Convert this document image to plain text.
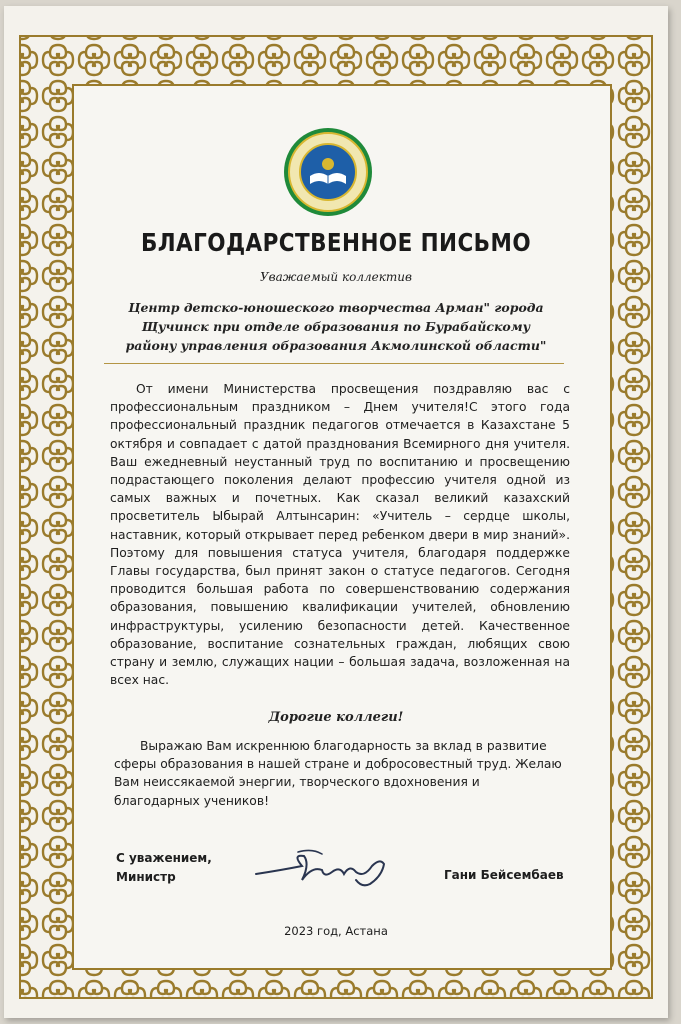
БЛАГОДАРСТВЕННОЕ ПИСЬМО
Уважаемый коллектив
Центр детско-юношеского творчества Арман" города
Щучинск при отделе образования по Бурабайскому
району управления образования Акмолинской области"
От имени Министерства просвещения поздравляю вас с профессиональным праздником – Днем учителя!С этого года профессиональный праздник педагогов отмечается в Казахстане 5 октября и совпадает с датой празднования Всемирного дня учителя. Ваш ежедневный неустанный труд по воспитанию и просвещению подрастающего поколения делают профессию учителя одной из самых важных и почетных. Как сказал великий казахский просветитель Ыбырай Алтынсарин: «Учитель – сердце школы, наставник, который открывает перед ребенком двери в мир знаний». Поэтому для повышения статуса учителя, благодаря поддержке Главы государства, был принят закон о статусе педагогов. Сегодня проводится большая работа по совершенствованию содержания образования, повышению квалификации учителей, обновлению инфраструктуры, усилению безопасности детей. Качественное образование, воспитание сознательных граждан, любящих свою страну и землю, служащих нации – большая задача, возложенная на всех нас.
Дорогие коллеги!
Выражаю Вам искреннюю благодарность за вклад в развитие сферы образования в нашей стране и добросовестный труд. Желаю Вам неиссякаемой энергии, творческого вдохновения и благодарных учеников!
С уважением,
Министр	Гани Бейсембаев
2023 год, Астана
